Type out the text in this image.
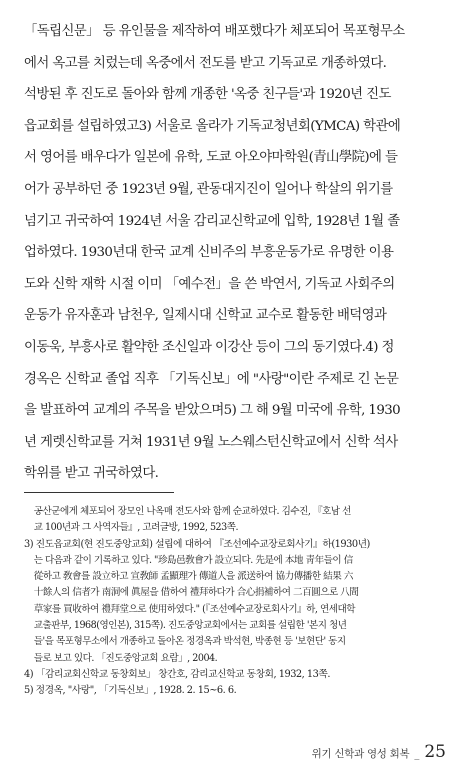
「독립신문」 등 유인물을 제작하여 배포했다가 체포되어 목포형무소
에서 옥고를 치렀는데 옥중에서 전도를 받고 기독교로 개종하였다.
석방된 후 진도로 돌아와 함께 개종한 '옥중 친구들'과 1920년 진도
읍교회를 설립하였고3) 서울로 올라가 기독교청년회(YMCA) 학관에
서 영어를 배우다가 일본에 유학, 도쿄 아오야마학원(青山學院)에 들
어가 공부하던 중 1923년 9월, 관동대지진이 일어나 학살의 위기를
넘기고 귀국하여 1924년 서울 감리교신학교에 입학, 1928년 1월 졸
업하였다. 1930년대 한국 교계 신비주의 부흥운동가로 유명한 이용
도와 신학 재학 시절 이미 「예수전」을 쓴 박연서, 기독교 사회주의
운동가 유자훈과 남천우, 일제시대 신학교 교수로 활동한 배덕영과
이동욱, 부흥사로 활약한 조신일과 이강산 등이 그의 동기였다.4) 정
경옥은 신학교 졸업 직후 「기독신보」에 "사랑"이란 주제로 긴 논문
을 발표하여 교계의 주목을 받았으며5) 그 해 9월 미국에 유학, 1930
년 게렛신학교를 거쳐 1931년 9월 노스웨스턴신학교에서 신학 석사
학위를 받고 귀국하였다.
공산군에게 체포되어 장모인 나옥매 전도사와 함께 순교하였다. 김수진, 『호남 선
교 100년과 그 사역자들』, 고려글방, 1992, 523쪽.
3) 진도읍교회(현 진도중앙교회) 설립에 대하여 『조선예수교장로회사기』하(1930년)
는 다음과 같이 기록하고 있다. "珍島邑敎會가 設立되다. 先是에 本地 靑年들이 信
從하고 敎會를 設立하고 宣敎師 孟顯理가 傳道人을 派送하여 協力傳播한 結果 六
十餘人의 信者가 南洞에 眞屋을 借하여 禮拜하다가 合心捐補하여 二百圓으로 八間
草家를 買收하여 禮拜堂으로 使用하였다." (『조선예수교장로회사기』하, 연세대학
교출판부, 1968(영인본), 315쪽). 진도중앙교회에서는 교회를 설립한 '본지 청년
들'을 목포형무소에서 개종하고 돌아온 정경옥과 박석현, 박종현 등 '보현단' 동지
들로 보고 있다. 「진도중앙교회 요람」, 2004.
4) 「감리교회신학교 동창회보」 창간호, 감리교신학교 동창회, 1932, 13쪽.
5) 정경옥, "사랑", 「기독신보」, 1928. 2. 15~6. 6.
위기 신학과 영성 회복 _ 25
